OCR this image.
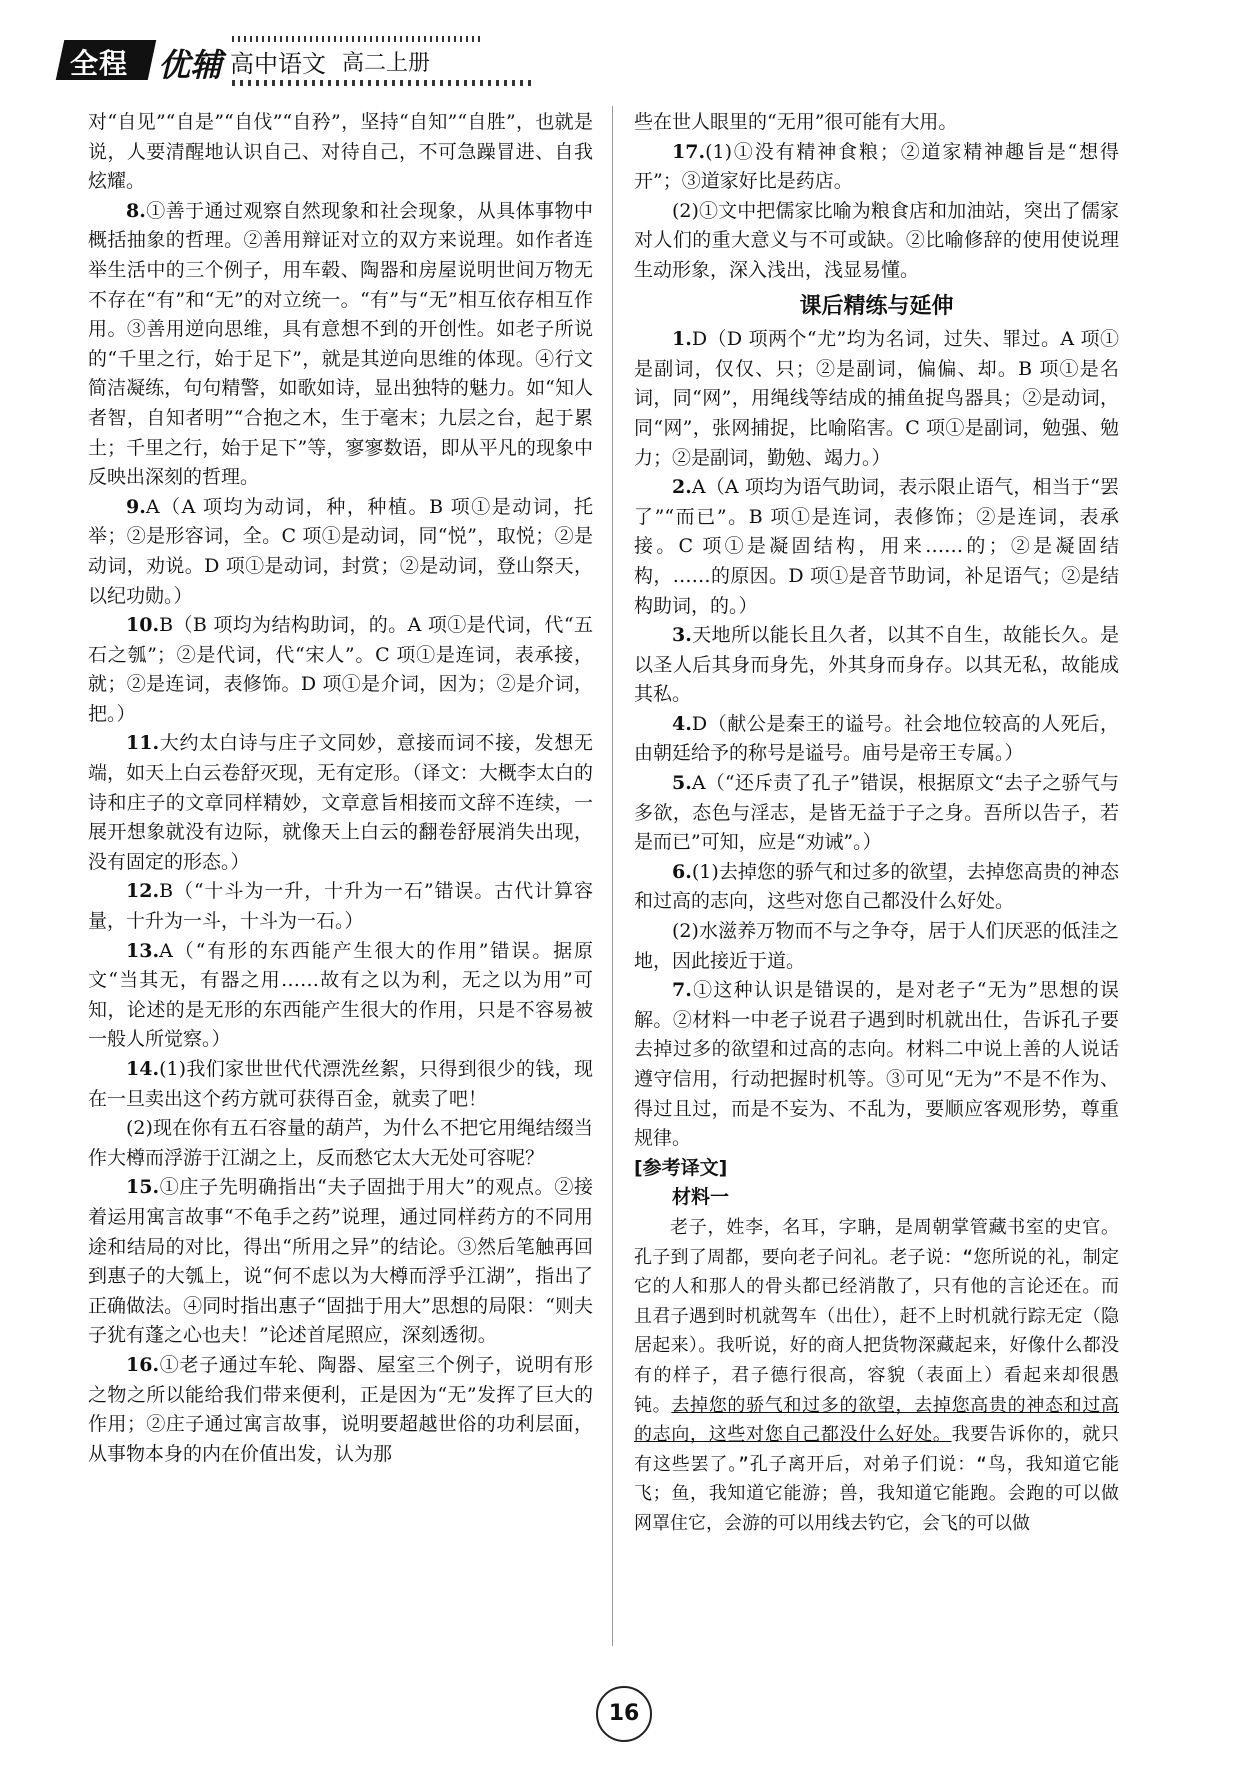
全程 优辅 高中语文 高二上册

对“自见”“自是”“自伐”“自矜”，坚持“自知”“自胜”，也就是说，人要清醒地认识自己、对待自己，不可急躁冒进、自我炫耀。

8.①善于通过观察自然现象和社会现象，从具体事物中概括抽象的哲理。②善用辩证对立的双方来说理。如作者连举生活中的三个例子，用车毂、陶器和房屋说明世间万物无不存在“有”和“无”的对立统一。“有”与“无”相互依存相互作用。③善用逆向思维，具有意想不到的开创性。如老子所说的“千里之行，始于足下”，就是其逆向思维的体现。④行文简洁凝练，句句精警，如歌如诗，显出独特的魅力。如“知人者智，自知者明”“合抱之木，生于毫末；九层之台，起于累土；千里之行，始于足下”等，寥寥数语，即从平凡的现象中反映出深刻的哲理。

9.A（A 项均为动词，种，种植。B 项①是动词，托举；②是形容词，全。C 项①是动词，同“悦”，取悦；②是动词，劝说。D 项①是动词，封赏；②是动词，登山祭天，以纪功勋。）

10.B（B 项均为结构助词，的。A 项①是代词，代“五石之瓠”；②是代词，代“宋人”。C 项①是连词，表承接，就；②是连词，表修饰。D 项①是介词，因为；②是介词，把。）

11.大约太白诗与庄子文同妙，意接而词不接，发想无端，如天上白云卷舒灭现，无有定形。（译文：大概李太白的诗和庄子的文章同样精妙，文章意旨相接而文辞不连续，一展开想象就没有边际，就像天上白云的翻卷舒展消失出现，没有固定的形态。）

12.B（“十斗为一升，十升为一石”错误。古代计算容量，十升为一斗，十斗为一石。）

13.A（“有形的东西能产生很大的作用”错误。据原文“当其无，有器之用……故有之以为利，无之以为用”可知，论述的是无形的东西能产生很大的作用，只是不容易被一般人所觉察。）

14.(1)我们家世世代代漂洗丝絮，只得到很少的钱，现在一旦卖出这个药方就可获得百金，就卖了吧！

(2)现在你有五石容量的葫芦，为什么不把它用绳结缀当作大樽而浮游于江湖之上，反而愁它太大无处可容呢？

15.①庄子先明确指出“夫子固拙于用大”的观点。②接着运用寓言故事“不龟手之药”说理，通过同样药方的不同用途和结局的对比，得出“所用之异”的结论。③然后笔触再回到惠子的大瓠上，说“何不虑以为大樽而浮乎江湖”，指出了正确做法。④同时指出惠子“固拙于用大”思想的局限：“则夫子犹有蓬之心也夫！”论述首尾照应，深刻透彻。

16.①老子通过车轮、陶器、屋室三个例子，说明有形之物之所以能给我们带来便利，正是因为“无”发挥了巨大的作用；②庄子通过寓言故事，说明要超越世俗的功利层面，从事物本身的内在价值出发，认为那

些在世人眼里的“无用”很可能有大用。

17.(1)①没有精神食粮；②道家精神趣旨是“想得开”；③道家好比是药店。

(2)①文中把儒家比喻为粮食店和加油站，突出了儒家对人们的重大意义与不可或缺。②比喻修辞的使用使说理生动形象，深入浅出，浅显易懂。

课后精练与延伸

1.D（D 项两个“尤”均为名词，过失、罪过。A 项①是副词，仅仅、只；②是副词，偏偏、却。B 项①是名词，同“网”，用绳线等结成的捕鱼捉鸟器具；②是动词，同“网”，张网捕捉，比喻陷害。C 项①是副词，勉强、勉力；②是副词，勤勉、竭力。）

2.A（A 项均为语气助词，表示限止语气，相当于“罢了”“而已”。B 项①是连词，表修饰；②是连词，表承接。C 项①是凝固结构，用来……的；②是凝固结构，……的原因。D 项①是音节助词，补足语气；②是结构助词，的。）

3.天地所以能长且久者，以其不自生，故能长久。是以圣人后其身而身先，外其身而身存。以其无私，故能成其私。

4.D（献公是秦王的谥号。社会地位较高的人死后，由朝廷给予的称号是谥号。庙号是帝王专属。）

5.A（“还斥责了孔子”错误，根据原文“去子之骄气与多欲，态色与淫志，是皆无益于子之身。吾所以告子，若是而已”可知，应是“劝诫”。）

6.(1)去掉您的骄气和过多的欲望，去掉您高贵的神态和过高的志向，这些对您自己都没什么好处。

(2)水滋养万物而不与之争夺，居于人们厌恶的低洼之地，因此接近于道。

7.①这种认识是错误的，是对老子“无为”思想的误解。②材料一中老子说君子遇到时机就出仕，告诉孔子要去掉过多的欲望和过高的志向。材料二中说上善的人说话遵守信用，行动把握时机等。③可见“无为”不是不作为、得过且过，而是不妄为、不乱为，要顺应客观形势，尊重规律。

[参考译文]

材料一

老子，姓李，名耳，字聃，是周朝掌管藏书室的史官。孔子到了周都，要向老子问礼。老子说：“您所说的礼，制定它的人和那人的骨头都已经消散了，只有他的言论还在。而且君子遇到时机就驾车（出仕），赶不上时机就行踪无定（隐居起来）。我听说，好的商人把货物深藏起来，好像什么都没有的样子，君子德行很高，容貌（表面上）看起来却很愚钝。去掉您的骄气和过多的欲望，去掉您高贵的神态和过高的志向，这些对您自己都没什么好处。我要告诉你的，就只有这些罢了。”孔子离开后，对弟子们说：“鸟，我知道它能飞；鱼，我知道它能游；兽，我知道它能跑。会跑的可以做网罩住它，会游的可以用线去钓它，会飞的可以做

16
